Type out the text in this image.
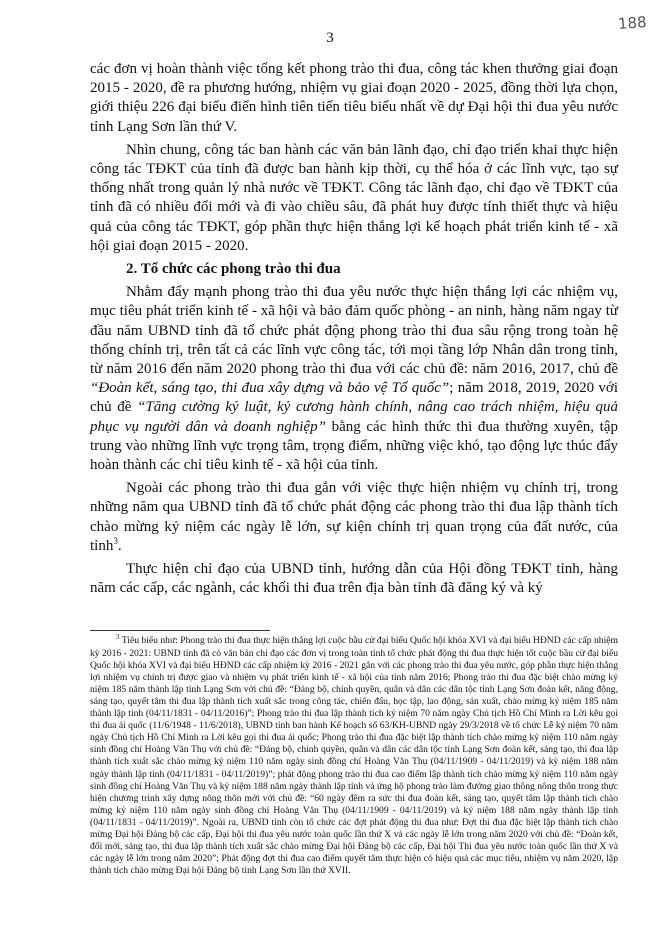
188
3

các đơn vị hoàn thành việc tổng kết phong trào thi đua, công tác khen thưởng giai đoạn 2015 - 2020, đề ra phương hướng, nhiệm vụ giai đoạn 2020 - 2025, đồng thời lựa chọn, giới thiệu 226 đại biểu điển hình tiên tiến tiêu biểu nhất về dự Đại hội thi đua yêu nước tỉnh Lạng Sơn lần thứ V.

Nhìn chung, công tác ban hành các văn bản lãnh đạo, chỉ đạo triển khai thực hiện công tác TĐKT của tỉnh đã được ban hành kịp thời, cụ thể hóa ở các lĩnh vực, tạo sự thống nhất trong quản lý nhà nước về TĐKT. Công tác lãnh đạo, chỉ đạo về TĐKT của tỉnh đã có nhiều đổi mới và đi vào chiều sâu, đã phát huy được tính thiết thực và hiệu quả của công tác TĐKT, góp phần thực hiện thắng lợi kế hoạch phát triển kinh tế - xã hội giai đoạn 2015 - 2020.

2. Tổ chức các phong trào thi đua

Nhằm đẩy mạnh phong trào thi đua yêu nước thực hiện thắng lợi các nhiệm vụ, mục tiêu phát triển kinh tế - xã hội và bảo đảm quốc phòng - an ninh, hàng năm ngay từ đầu năm UBND tỉnh đã tổ chức phát động phong trào thi đua sâu rộng trong toàn hệ thống chính trị, trên tất cả các lĩnh vực công tác, tới mọi tầng lớp Nhân dân trong tỉnh, từ năm 2016 đến năm 2020 phong trào thi đua với các chủ đề: năm 2016, 2017, chủ đề “Đoàn kết, sáng tạo, thi đua xây dựng và bảo vệ Tổ quốc”; năm 2018, 2019, 2020 với chủ đề “Tăng cường kỷ luật, kỷ cương hành chính, nâng cao trách nhiệm, hiệu quả phục vụ người dân và doanh nghiệp” bằng các hình thức thi đua thường xuyên, tập trung vào những lĩnh vực trọng tâm, trọng điểm, những việc khó, tạo động lực thúc đẩy hoàn thành các chỉ tiêu kinh tế - xã hội của tỉnh.

Ngoài các phong trào thi đua gắn với việc thực hiện nhiệm vụ chính trị, trong những năm qua UBND tỉnh đã tổ chức phát động các phong trào thi đua lập thành tích chào mừng kỷ niệm các ngày lễ lớn, sự kiện chính trị quan trọng của đất nước, của tỉnh$^3$.

Thực hiện chỉ đạo của UBND tỉnh, hướng dẫn của Hội đồng TĐKT tỉnh, hàng năm các cấp, các ngành, các khối thi đua trên địa bàn tỉnh đã đăng ký và ký

$^3$ Tiêu biểu như: Phong trào thi đua thực hiện thắng lợi cuộc bầu cử đại biểu Quốc hội khóa XVI và đại biểu HĐND các cấp nhiệm kỳ 2016 - 2021: UBND tỉnh đã có văn bản chỉ đạo các đơn vị trong toàn tỉnh tổ chức phát động thi đua thực hiện tốt cuộc bầu cử đại biểu Quốc hội khóa XVI và đại biểu HĐND các cấp nhiệm kỳ 2016 - 2021 gắn với các phong trào thi đua yêu nước, góp phần thực hiện thắng lợi nhiệm vụ chính trị được giao và nhiệm vụ phát triển kinh tế - xã hội của tỉnh năm 2016; Phong trào thi đua đặc biệt chào mừng kỷ niệm 185 năm thành lập tỉnh Lạng Sơn với chủ đề: “Đảng bộ, chính quyền, quân và dân các dân tộc tỉnh Lạng Sơn đoàn kết, năng động, sáng tạo, quyết tâm thi đua lập thành tích xuất sắc trong công tác, chiến đấu, học tập, lao động, sản xuất, chào mừng kỷ niệm 185 năm thành lập tỉnh (04/11/1831 - 04/11/2016)”; Phong trào thi đua lập thành tích kỷ niệm 70 năm ngày Chủ tịch Hồ Chí Minh ra Lời kêu gọi thi đua ái quốc (11/6/1948 - 11/6/2018), UBND tỉnh ban hành Kế hoạch số 63/KH-UBND ngày 29/3/2018 về tổ chức Lễ kỷ niệm 70 năm ngày Chủ tịch Hồ Chí Minh ra Lời kêu gọi thi đua ái quốc; Phong trào thi đua đặc biệt lập thành tích chào mừng kỷ niệm 110 năm ngày sinh đồng chí Hoàng Văn Thụ với chủ đề: “Đảng bộ, chính quyền, quân và dân các dân tộc tỉnh Lạng Sơn đoàn kết, sáng tạo, thi đua lập thành tích xuất sắc chào mừng kỷ niệm 110 năm ngày sinh đồng chí Hoàng Văn Thụ (04/11/1909 - 04/11/2019) và kỷ niệm 188 năm ngày thành lập tỉnh (04/11/1831 - 04/11/2019)”; phát động phong trào thi đua cao điểm lập thành tích chào mừng kỷ niệm 110 năm ngày sinh đồng chí Hoàng Văn Thụ và kỷ niệm 188 năm ngày thành lập tỉnh và ứng hộ phong trào làm đường giao thông nông thôn trong thực hiện chương trình xây dựng nông thôn mới với chủ đề: “60 ngày đêm ra sức thi đua đoàn kết, sáng tạo, quyết tâm lập thành tích chào mừng kỷ niệm 110 năm ngày sinh đồng chí Hoàng Văn Thụ (04/11/1909 - 04/11/2019) và kỷ niệm 188 năm ngày thành lập tỉnh (04/11/1831 - 04/11/2019)”. Ngoài ra, UBND tỉnh còn tổ chức các đợt phát động thi đua như: Đợt thi đua đặc biệt lập thành tích chào mừng Đại hội Đảng bộ các cấp, Đại hội thi đua yêu nước toàn quốc lần thứ X và các ngày lễ lớn trong năm 2020 với chủ đề: “Đoàn kết, đổi mới, sáng tạo, thi đua lập thành tích xuất sắc chào mừng Đại hội Đảng bộ các cấp, Đại hội Thi đua yêu nước toàn quốc lần thứ X và các ngày lễ lớn trong năm 2020”; Phát động đợt thi đua cao điểm quyết tâm thực hiện có hiệu quả các mục tiêu, nhiệm vụ năm 2020, lập thành tích chào mừng Đại hội Đảng bộ tỉnh Lạng Sơn lần thứ XVII.
